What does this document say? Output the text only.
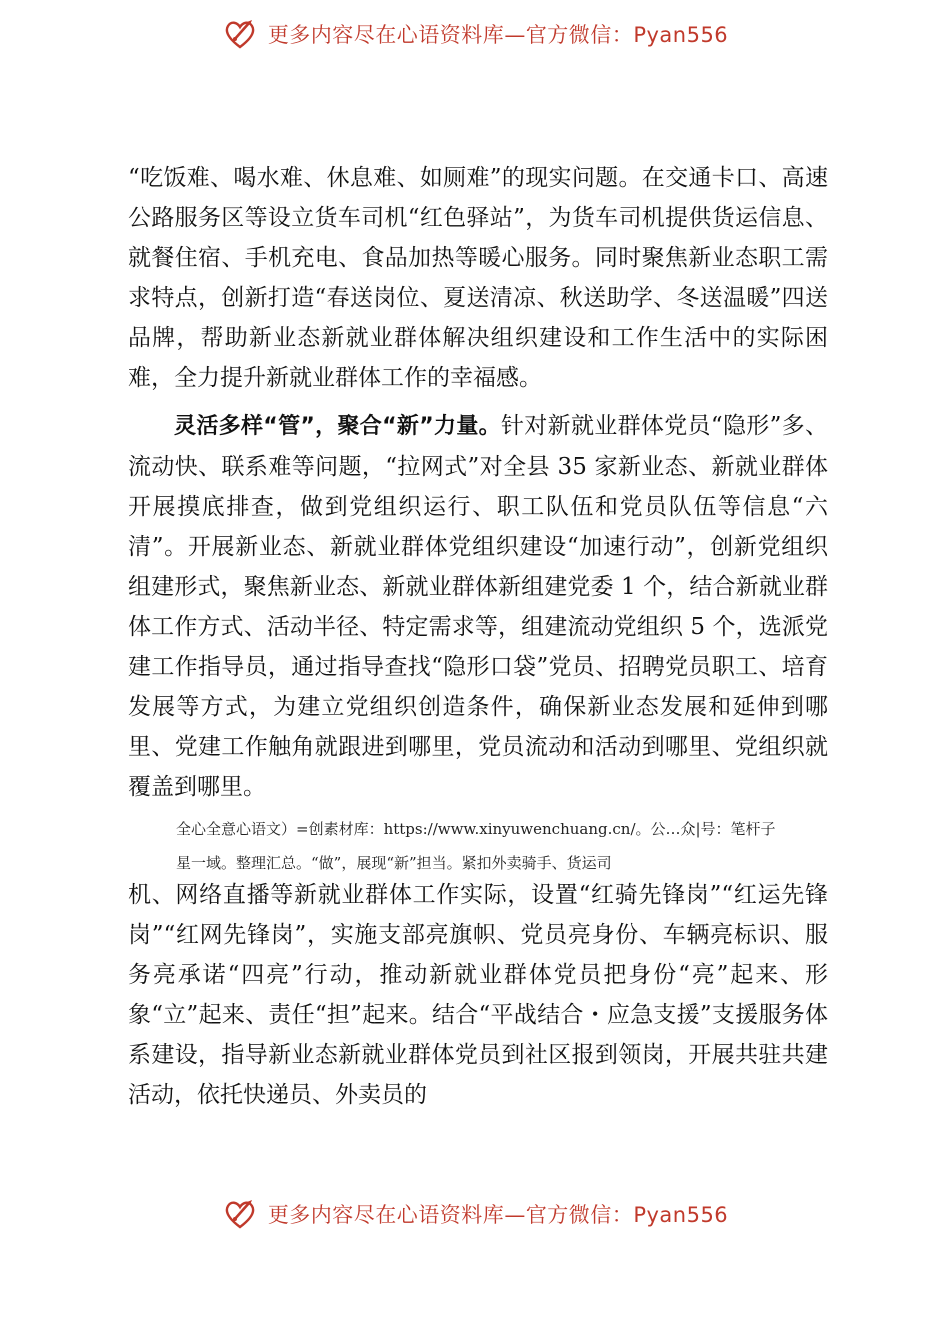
更多内容尽在心语资料库—官方微信：Pyan556

“吃饭难、喝水难、休息难、如厕难”的现实问题。在交通卡口、高速公路服务区等设立货车司机“红色驿站”，为货车司机提供货运信息、就餐住宿、手机充电、食品加热等暖心服务。同时聚焦新业态职工需求特点，创新打造“春送岗位、夏送清凉、秋送助学、冬送温暖”四送品牌，帮助新业态新就业群体解决组织建设和工作生活中的实际困难，全力提升新就业群体工作的幸福感。

灵活多样“管”，聚合“新”力量。针对新就业群体党员“隐形”多、流动快、联系难等问题，“拉网式”对全县 35 家新业态、新就业群体开展摸底排查，做到党组织运行、职工队伍和党员队伍等信息“六清”。开展新业态、新就业群体党组织建设“加速行动”，创新党组织组建形式，聚焦新业态、新就业群体新组建党委 1 个，结合新就业群体工作方式、活动半径、特定需求等，组建流动党组织 5 个，选派党建工作指导员，通过指导查找“隐形口袋”党员、招聘党员职工、培育发展等方式，为建立党组织创造条件，确保新业态发展和延伸到哪里、党建工作触角就跟进到哪里，党员流动和活动到哪里、党组织就覆盖到哪里。

全心全意心语文）=创素材库：https://www.xinyuwenchuang.cn/。公…众|号：笔杆子

星一域。整理汇总。“做”，展现“新”担当。紧扣外卖骑手、货运司

机、网络直播等新就业群体工作实际，设置“红骑先锋岗”“红运先锋岗”“红网先锋岗”，实施支部亮旗帜、党员亮身份、车辆亮标识、服务亮承诺“四亮”行动，推动新就业群体党员把身份“亮”起来、形象“立”起来、责任“担”起来。结合“平战结合・应急支援”支援服务体系建设，指导新业态新就业群体党员到社区报到领岗，开展共驻共建活动，依托快递员、外卖员的

更多内容尽在心语资料库—官方微信：Pyan556
